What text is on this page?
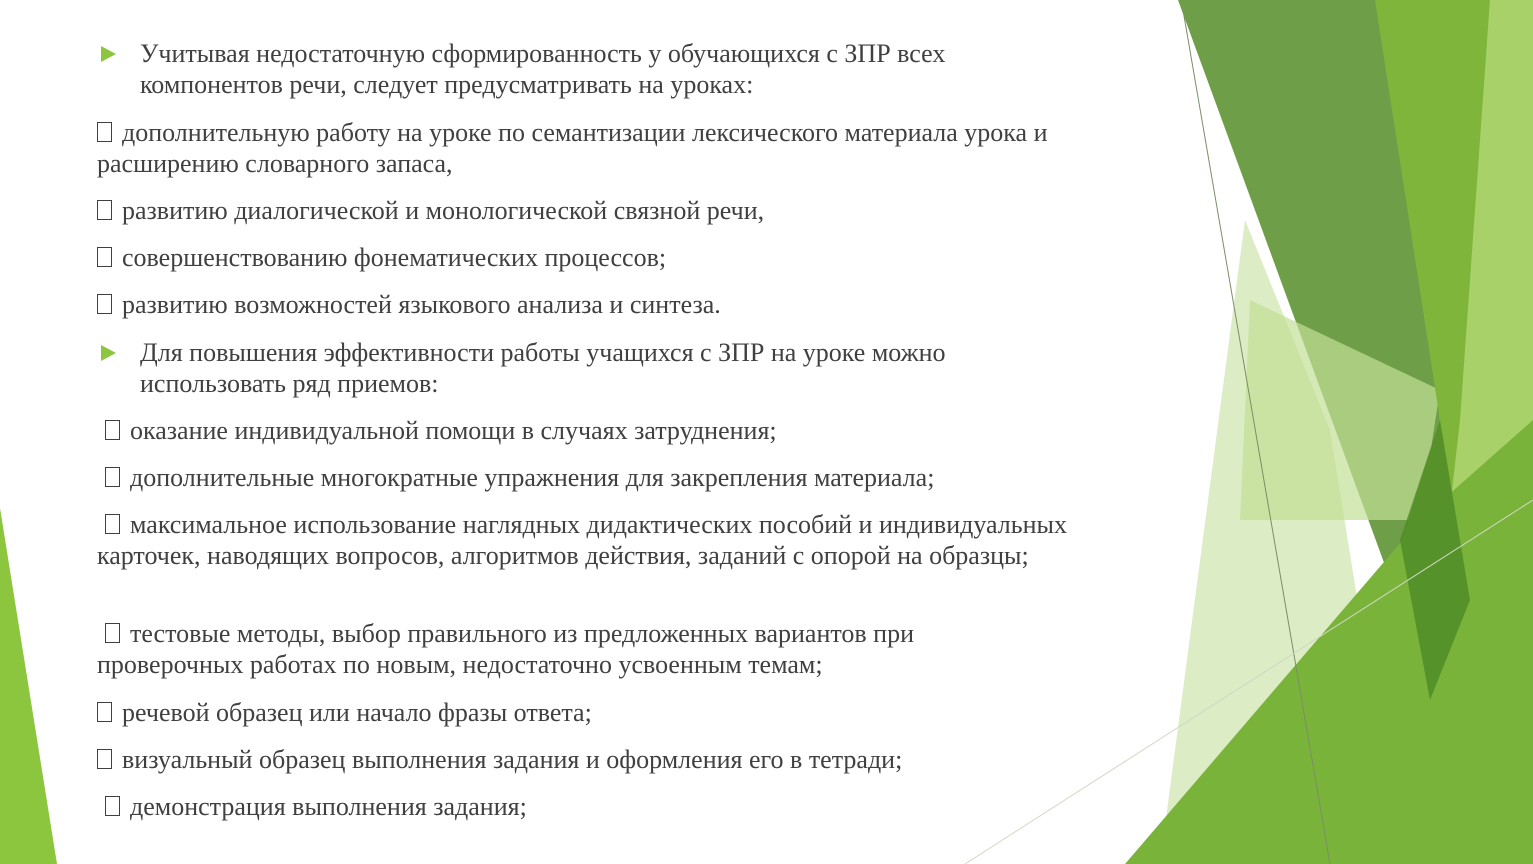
Учитывая недостаточную сформированность у обучающихся с ЗПР всех компонентов речи, следует предусматривать на уроках:

дополнительную работу на уроке по семантизации лексического материала урока и расширению словарного запаса,

развитию диалогической и монологической связной речи,

совершенствованию фонематических процессов;

развитию возможностей языкового анализа и синтеза.

Для повышения эффективности работы учащихся с ЗПР на уроке можно использовать ряд приемов:

оказание индивидуальной помощи в случаях затруднения;

дополнительные многократные упражнения для закрепления материала;

максимальное использование наглядных дидактических пособий и индивидуальных карточек, наводящих вопросов, алгоритмов действия, заданий с опорой на образцы;

тестовые методы, выбор правильного из предложенных вариантов при проверочных работах по новым, недостаточно усвоенным темам;

речевой образец или начало фразы ответа;

визуальный образец выполнения задания и оформления его в тетради;

демонстрация выполнения задания;
